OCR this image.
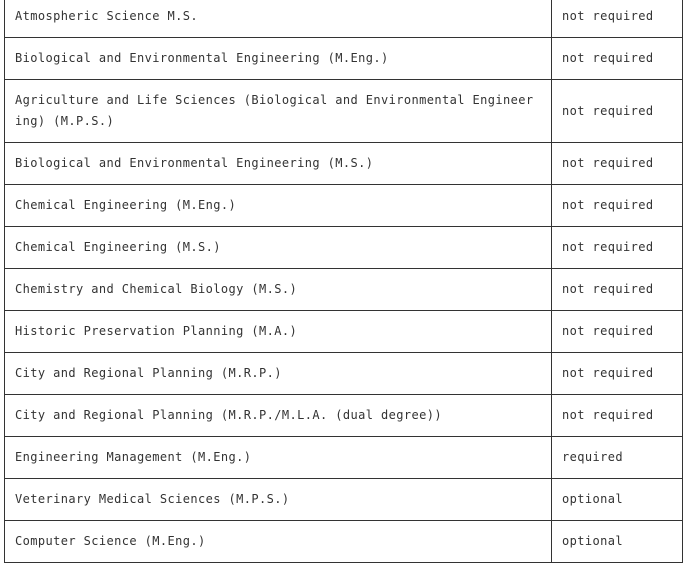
Atmospheric Science M.S.	not required
Biological and Environmental Engineering (M.Eng.)	not required
Agriculture and Life Sciences (Biological and Environmental Engineering) (M.P.S.)	not required
Biological and Environmental Engineering (M.S.)	not required
Chemical Engineering (M.Eng.)	not required
Chemical Engineering (M.S.)	not required
Chemistry and Chemical Biology (M.S.)	not required
Historic Preservation Planning (M.A.)	not required
City and Regional Planning (M.R.P.)	not required
City and Regional Planning (M.R.P./M.L.A. (dual degree))	not required
Engineering Management (M.Eng.)	required
Veterinary Medical Sciences (M.P.S.)	optional
Computer Science (M.Eng.)	optional
